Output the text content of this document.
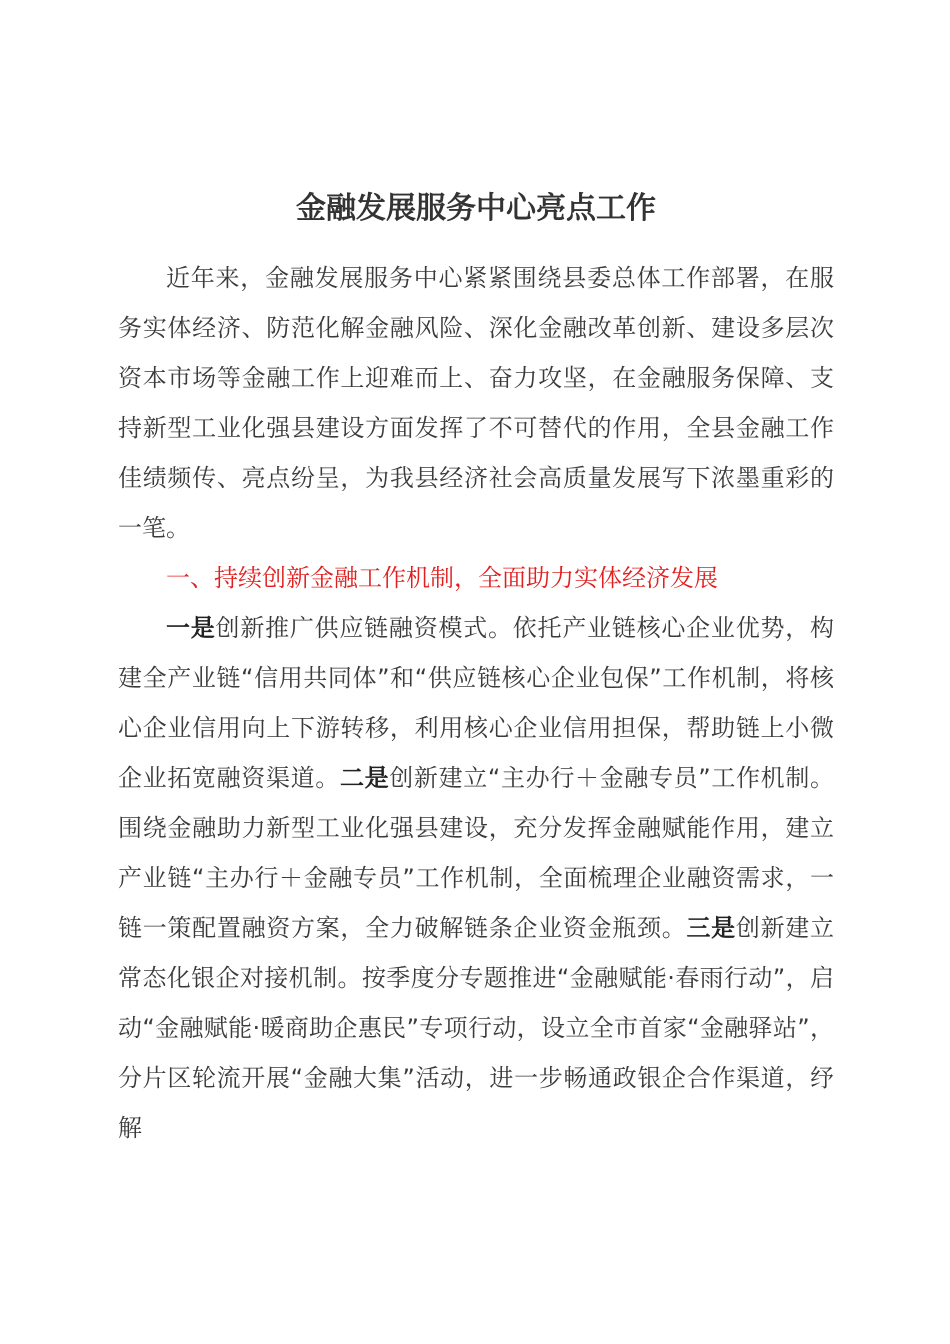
金融发展服务中心亮点工作

近年来，金融发展服务中心紧紧围绕县委总体工作部署，在服务实体经济、防范化解金融风险、深化金融改革创新、建设多层次资本市场等金融工作上迎难而上、奋力攻坚，在金融服务保障、支持新型工业化强县建设方面发挥了不可替代的作用，全县金融工作佳绩频传、亮点纷呈，为我县经济社会高质量发展写下浓墨重彩的一笔。

一、持续创新金融工作机制，全面助力实体经济发展

一是创新推广供应链融资模式。依托产业链核心企业优势，构建全产业链“信用共同体”和“供应链核心企业包保”工作机制，将核心企业信用向上下游转移，利用核心企业信用担保，帮助链上小微企业拓宽融资渠道。二是创新建立“主办行＋金融专员”工作机制。围绕金融助力新型工业化强县建设，充分发挥金融赋能作用，建立产业链“主办行＋金融专员”工作机制，全面梳理企业融资需求，一链一策配置融资方案，全力破解链条企业资金瓶颈。三是创新建立常态化银企对接机制。按季度分专题推进“金融赋能·春雨行动”，启动“金融赋能·暖商助企惠民”专项行动，设立全市首家“金融驿站”，分片区轮流开展“金融大集”活动，进一步畅通政银企合作渠道，纾解
